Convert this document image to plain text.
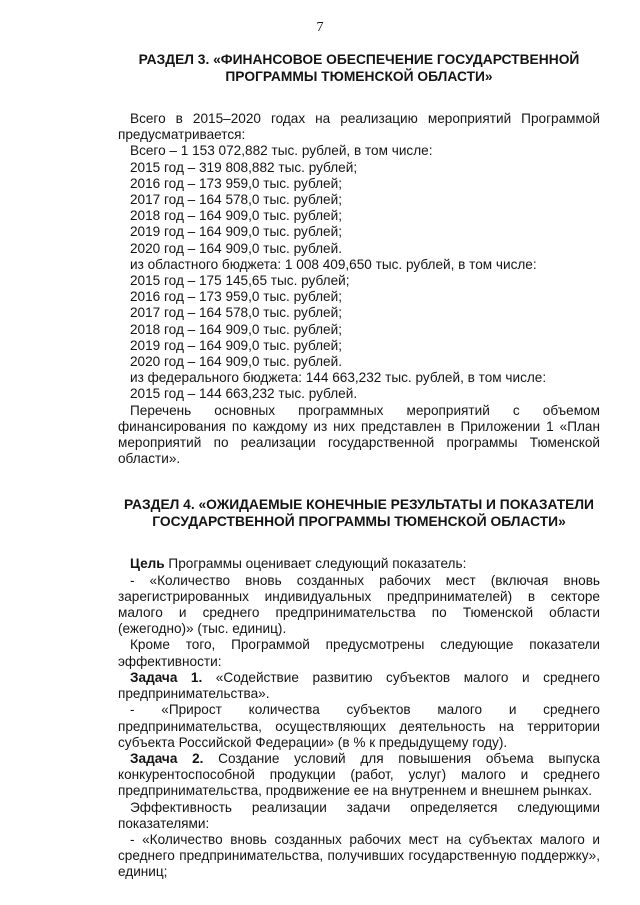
7
РАЗДЕЛ 3. «ФИНАНСОВОЕ ОБЕСПЕЧЕНИЕ ГОСУДАРСТВЕННОЙ
ПРОГРАММЫ ТЮМЕНСКОЙ ОБЛАСТИ»

Всего в 2015–2020 годах на реализацию мероприятий Программой предусматривается:

Всего – 1 153 072,882 тыс. рублей, в том числе:

2015 год – 319 808,882 тыс. рублей;

2016 год – 173 959,0 тыс. рублей;

2017 год – 164 578,0 тыс. рублей;

2018 год – 164 909,0 тыс. рублей;

2019 год – 164 909,0 тыс. рублей;

2020 год – 164 909,0 тыс. рублей.

из областного бюджета: 1 008 409,650 тыс. рублей, в том числе:

2015 год – 175 145,65 тыс. рублей;

2016 год – 173 959,0 тыс. рублей;

2017 год – 164 578,0 тыс. рублей;

2018 год – 164 909,0 тыс. рублей;

2019 год – 164 909,0 тыс. рублей;

2020 год – 164 909,0 тыс. рублей.

из федерального бюджета: 144 663,232 тыс. рублей, в том числе:

2015 год – 144 663,232 тыс. рублей.

Перечень основных программных мероприятий с объемом финансирования по каждому из них представлен в Приложении 1 «План мероприятий по реализации государственной программы Тюменской области».

РАЗДЕЛ 4. «ОЖИДАЕМЫЕ КОНЕЧНЫЕ РЕЗУЛЬТАТЫ И ПОКАЗАТЕЛИ
ГОСУДАРСТВЕННОЙ ПРОГРАММЫ ТЮМЕНСКОЙ ОБЛАСТИ»

Цель Программы оценивает следующий показатель:

- «Количество вновь созданных рабочих мест (включая вновь зарегистрированных индивидуальных предпринимателей) в секторе малого и среднего предпринимательства по Тюменской области (ежегодно)» (тыс. единиц).

Кроме того, Программой предусмотрены следующие показатели эффективности:

Задача 1. «Содействие развитию субъектов малого и среднего предпринимательства».

- «Прирост количества субъектов малого и среднего предпринимательства, осуществляющих деятельность на территории субъекта Российской Федерации» (в % к предыдущему году).

Задача 2. Создание условий для повышения объема выпуска конкурентоспособной продукции (работ, услуг) малого и среднего предпринимательства, продвижение ее на внутреннем и внешнем рынках.

Эффективность реализации задачи определяется следующими показателями:

- «Количество вновь созданных рабочих мест на субъектах малого и среднего предпринимательства, получивших государственную поддержку», единиц;
